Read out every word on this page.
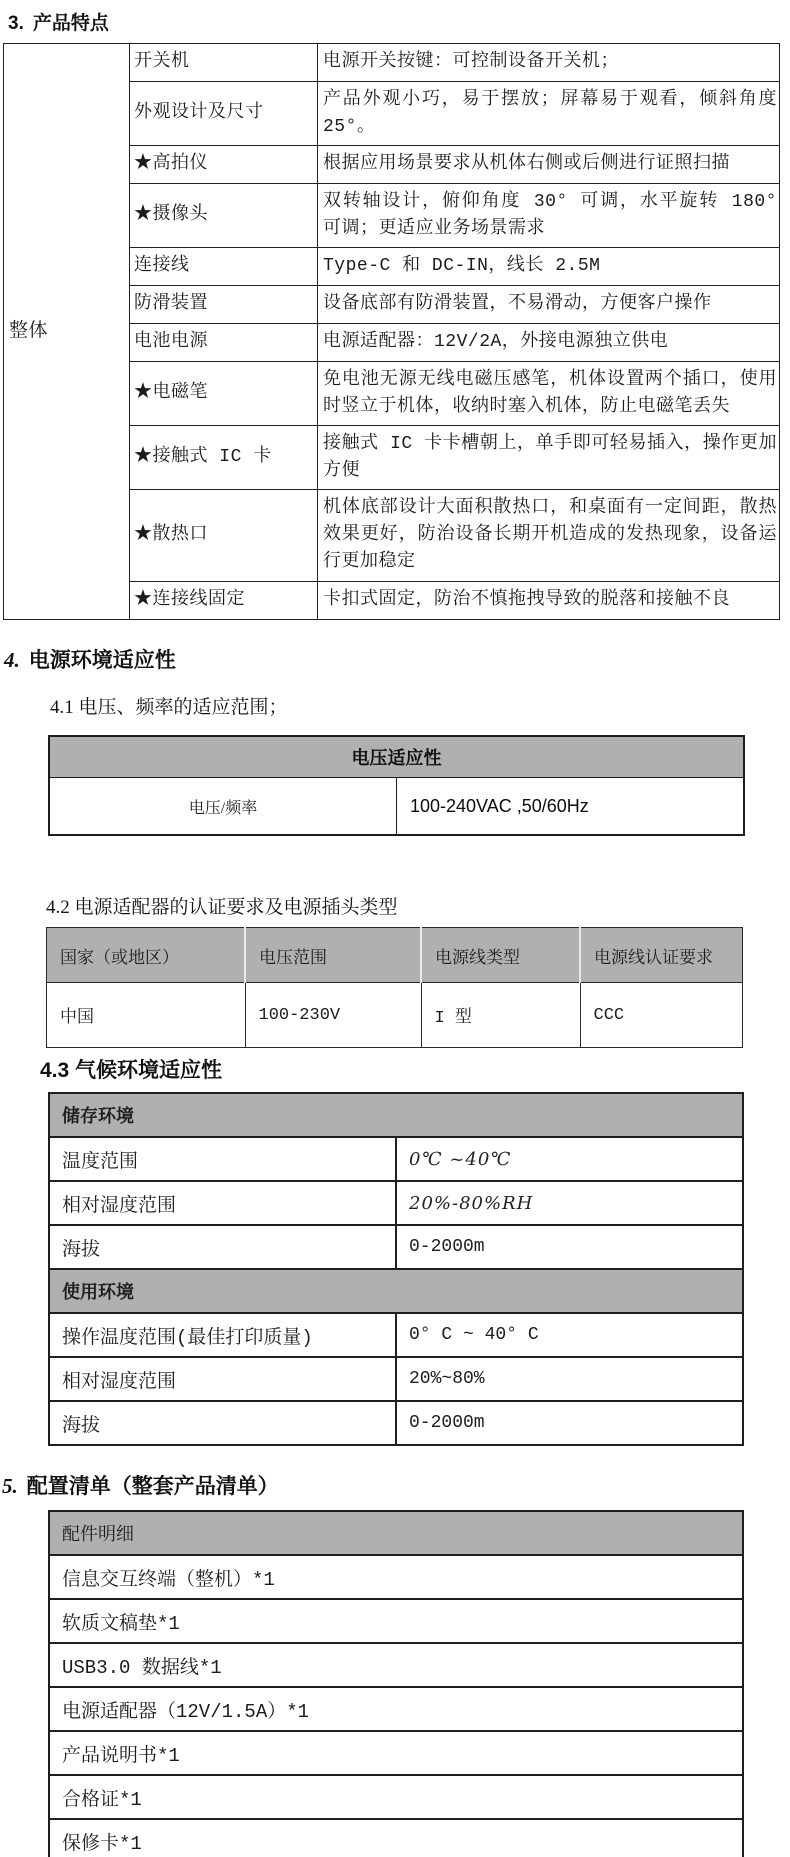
3. 产品特点
整体	开关机	电源开关按键：可控制设备开关机；
	外观设计及尺寸	产品外观小巧，易于摆放；屏幕易于观看，倾斜角度 25°。
	★高拍仪	根据应用场景要求从机体右侧或后侧进行证照扫描
	★摄像头	双转轴设计，俯仰角度 30° 可调，水平旋转 180° 可调；更适应业务场景需求
	连接线	Type-C 和 DC-IN，线长 2.5M
	防滑装置	设备底部有防滑装置，不易滑动，方便客户操作
	电池电源	电源适配器：12V/2A，外接电源独立供电
	★电磁笔	免电池无源无线电磁压感笔，机体设置两个插口，使用时竖立于机体，收纳时塞入机体，防止电磁笔丢失
	★接触式 IC 卡	接触式 IC 卡卡槽朝上，单手即可轻易插入，操作更加方便
	★散热口	机体底部设计大面积散热口，和桌面有一定间距，散热效果更好，防治设备长期开机造成的发热现象，设备运行更加稳定
	★连接线固定	卡扣式固定，防治不慎拖拽导致的脱落和接触不良
4. 电源环境适应性
4.1 电压、频率的适应范围；
电压适应性
电压/频率	100-240VAC ,50/60Hz
4.2 电源适配器的认证要求及电源插头类型
国家（或地区）	电压范围	电源线类型	电源线认证要求
中国	100-230V	I 型	CCC
4.3 气候环境适应性
储存环境	
温度范围	0℃ ~40℃
相对湿度范围	20%-80%RH
海拔	0-2000m
使用环境	
操作温度范围(最佳打印质量)	0° C ~ 40° C
相对湿度范围	20%~80%
海拔	0-2000m
5. 配置清单（整套产品清单）
配件明细
信息交互终端（整机）*1
软质文稿垫*1
USB3.0 数据线*1
电源适配器（12V/1.5A）*1
产品说明书*1
合格证*1
保修卡*1
